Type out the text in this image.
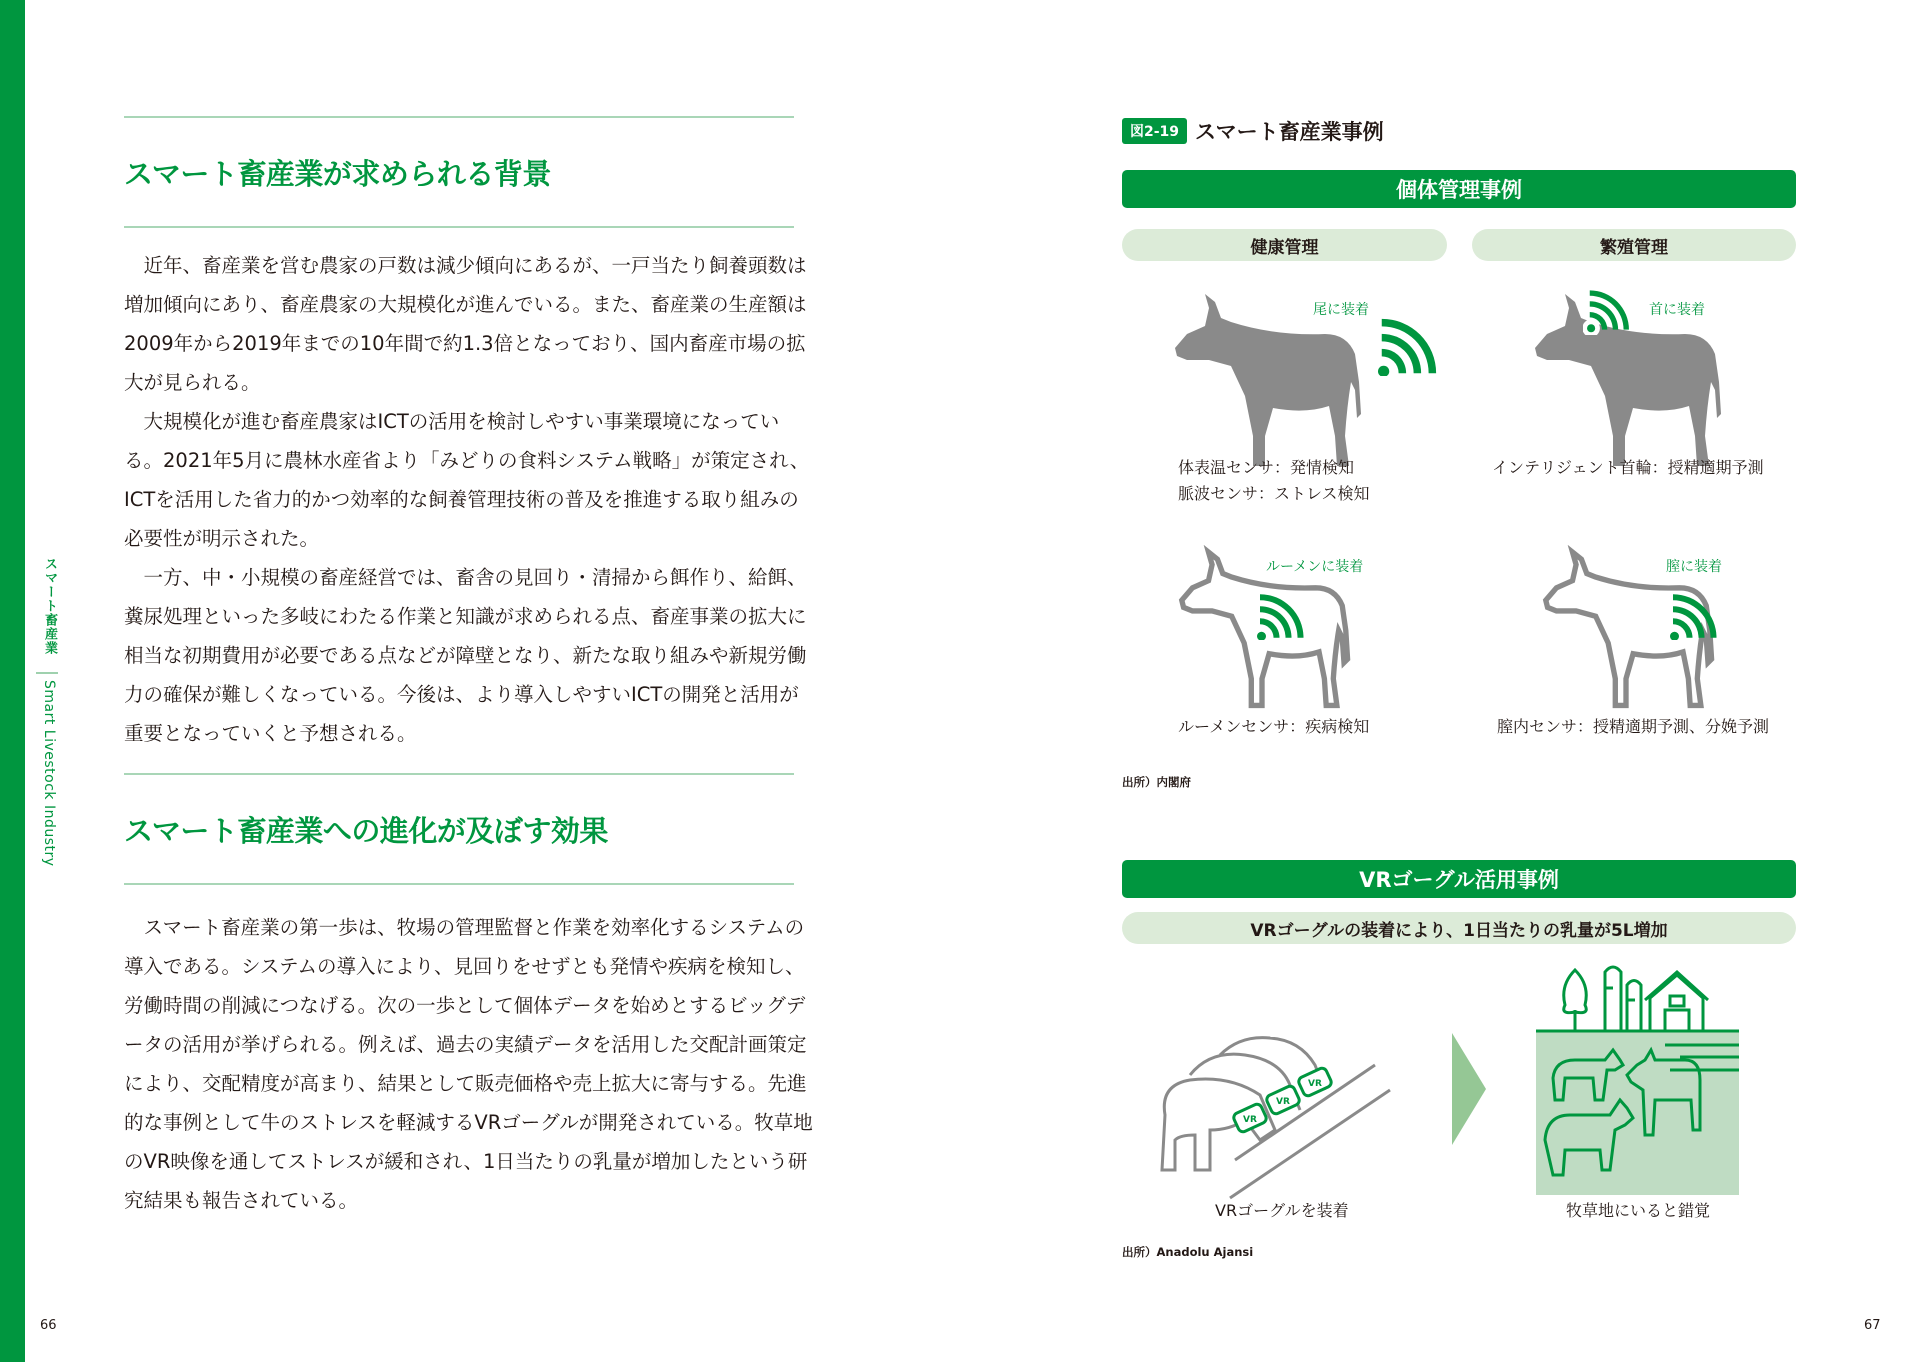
スマート畜産業
Smart Livestock Industry
スマート畜産業が求められる背景

近年、畜産業を営む農家の戸数は減少傾向にあるが、一戸当たり飼養頭数は増加傾向にあり、畜産農家の大規模化が進んでいる。また、畜産業の生産額は2009年から2019年までの10年間で約1.3倍となっており、国内畜産市場の拡大が見られる。

大規模化が進む畜産農家はICTの活用を検討しやすい事業環境になっている。2021年5月に農林水産省より「みどりの食料システム戦略」が策定され、ICTを活用した省力的かつ効率的な飼養管理技術の普及を推進する取り組みの必要性が明示された。

一方、中・小規模の畜産経営では、畜舎の見回り・清掃から餌作り、給餌、糞尿処理といった多岐にわたる作業と知識が求められる点、畜産事業の拡大に相当な初期費用が必要である点などが障壁となり、新たな取り組みや新規労働力の確保が難しくなっている。今後は、より導入しやすいICTの開発と活用が重要となっていくと予想される。

スマート畜産業への進化が及ぼす効果

スマート畜産業の第一歩は、牧場の管理監督と作業を効率化するシステムの導入である。システムの導入により、見回りをせずとも発情や疾病を検知し、労働時間の削減につなげる。次の一歩として個体データを始めとするビッグデータの活用が挙げられる。例えば、過去の実績データを活用した交配計画策定により、交配精度が高まり、結果として販売価格や売上拡大に寄与する。先進的な事例として牛のストレスを軽減するVRゴーグルが開発されている。牧草地のVR映像を通してストレスが緩和され、1日当たりの乳量が増加したという研究結果も報告されている。

66
図2-19 スマート畜産業事例
個体管理事例
健康管理	繁殖管理
尾に装着
体表温センサ：発情検知
脈波センサ：ストレス検知
首に装着
インテリジェント首輪：授精適期予測
ルーメンに装着
ルーメンセンサ：疾病検知
膣に装着
膣内センサ：授精適期予測、分娩予測
出所）内閣府
VRゴーグル活用事例
VRゴーグルの装着により、1日当たりの乳量が5L増加
VR
VR
VR
VRゴーグルを装着	牧草地にいると錯覚
出所）Anadolu Ajansi
67
